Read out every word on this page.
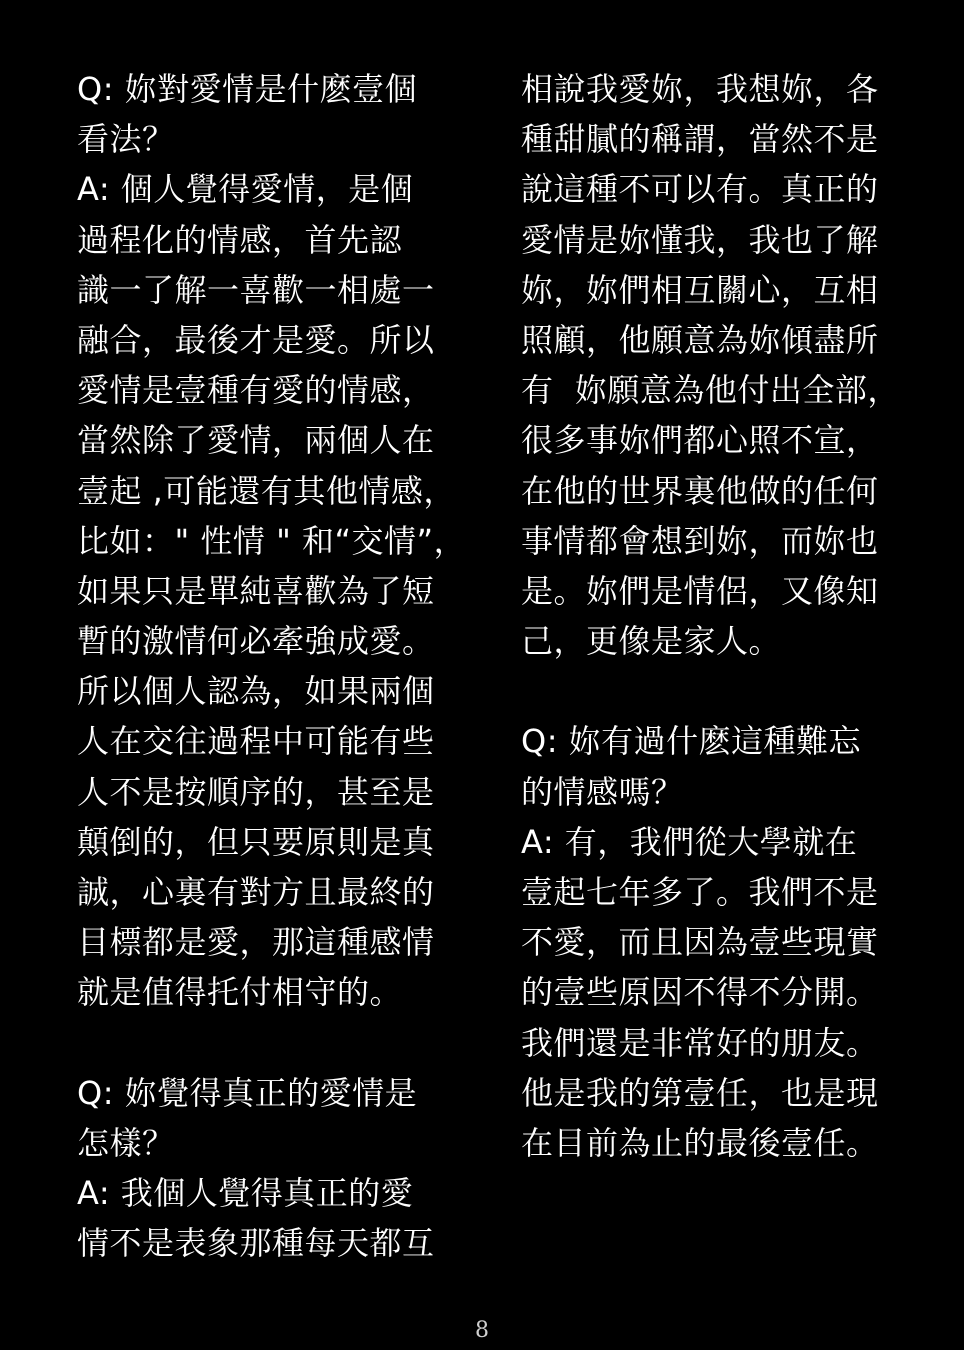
Q: 妳對愛情是什麽壹個
看法？
A: 個人覺得愛情，是個
過程化的情感，首先認
識一了解一喜歡一相處一
融合，最後才是愛。所以
愛情是壹種有愛的情感，
當然除了愛情，兩個人在
壹起 ,可能還有其他情感，
比如：" 性情 " 和“交情”，
如果只是單純喜歡為了短
暫的激情何必牽強成愛。
所以個人認為，如果兩個
人在交往過程中可能有些
人不是按順序的，甚至是
顛倒的，但只要原則是真
誠，心裏有對方且最終的
目標都是愛，那這種感情
就是值得托付相守的。
Q: 妳覺得真正的愛情是
怎樣？
A: 我個人覺得真正的愛
情不是表象那種每天都互
相說我愛妳，我想妳，各
種甜膩的稱謂，當然不是
說這種不可以有。真正的
愛情是妳懂我，我也了解
妳，妳們相互關心，互相
照顧，他願意為妳傾盡所
有  妳願意為他付出全部，
很多事妳們都心照不宣，
在他的世界裏他做的任何
事情都會想到妳，而妳也
是。妳們是情侶，又像知
己，更像是家人。
Q: 妳有過什麽這種難忘
的情感嗎？
A: 有，我們從大學就在
壹起七年多了。我們不是
不愛，而且因為壹些現實
的壹些原因不得不分開。
我們還是非常好的朋友。
他是我的第壹任，也是現
在目前為止的最後壹任。
8
